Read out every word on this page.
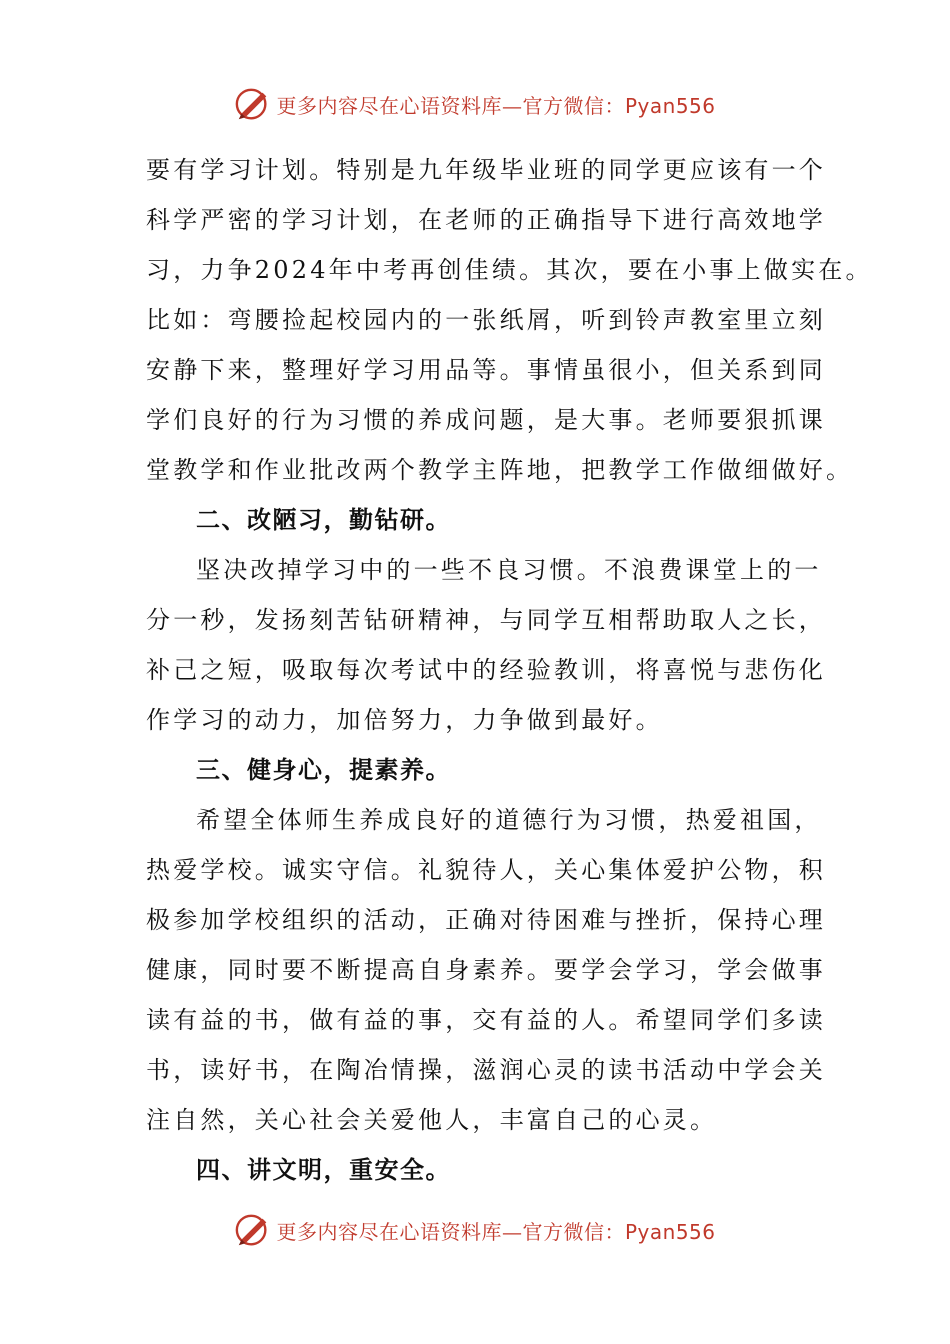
更多内容尽在心语资料库—官方微信：Pyan556
要有学习计划。特别是九年级毕业班的同学更应该有一个
科学严密的学习计划，在老师的正确指导下进行高效地学
习，力争2024年中考再创佳绩。其次，要在小事上做实在。
比如：弯腰捡起校园内的一张纸屑，听到铃声教室里立刻
安静下来，整理好学习用品等。事情虽很小，但关系到同
学们良好的行为习惯的养成问题，是大事。老师要狠抓课
堂教学和作业批改两个教学主阵地，把教学工作做细做好。
二、改陋习，勤钻研。
坚决改掉学习中的一些不良习惯。不浪费课堂上的一
分一秒，发扬刻苦钻研精神，与同学互相帮助取人之长，
补己之短，吸取每次考试中的经验教训，将喜悦与悲伤化
作学习的动力，加倍努力，力争做到最好。
三、健身心，提素养。
希望全体师生养成良好的道德行为习惯，热爱祖国，
热爱学校。诚实守信。礼貌待人，关心集体爱护公物，积
极参加学校组织的活动，正确对待困难与挫折，保持心理
健康，同时要不断提高自身素养。要学会学习，学会做事
读有益的书，做有益的事，交有益的人。希望同学们多读
书，读好书，在陶冶情操，滋润心灵的读书活动中学会关
注自然，关心社会关爱他人，丰富自己的心灵。
四、讲文明，重安全。
更多内容尽在心语资料库—官方微信：Pyan556
